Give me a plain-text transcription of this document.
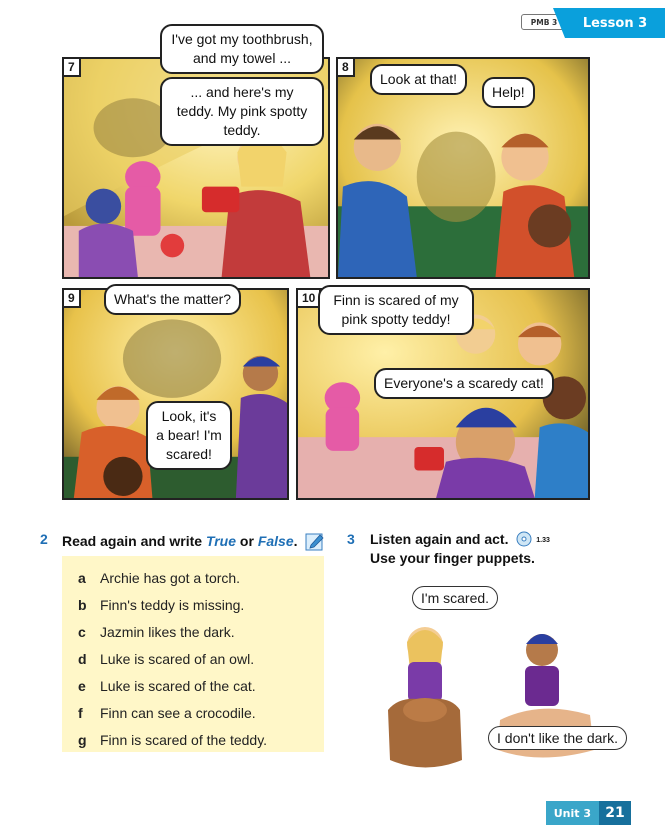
PMB 3	Lesson 3
7
I've got my toothbrush, and my towel ...
... and here's my teddy. My pink spotty teddy.
8
Look at that!
Help!
9	What's the matter?
Look, it's a bear! I'm scared!
10	Finn is scared of my pink spotty teddy!
Everyone's a scaredy cat!
2 Read again and write True or False.
a	Archie has got a torch.
b Finn's teddy is missing.
c	Jazmin likes the dark.
d Luke is scared of an owl.
e	Luke is scared of the cat.
f	Finn can see a crocodile.
g Finn is scared of the teddy.
3 Listen again and act.	1.33
Use your finger puppets.
I'm scared.
I don't like the dark.
Unit 3	21
